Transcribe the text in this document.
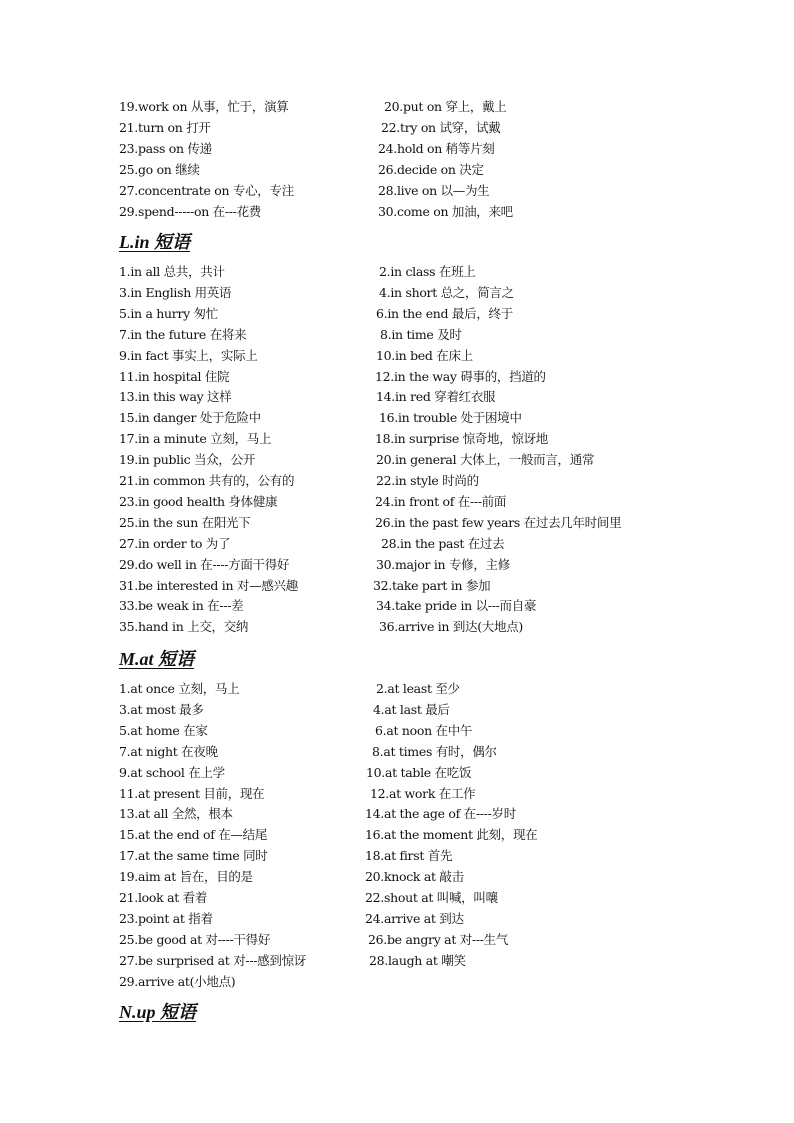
19.work on 从事，忙于，演算	20.put on 穿上，戴上
21.turn on 打开	22.try on 试穿，试戴
23.pass on 传递	24.hold on 稍等片刻
25.go on 继续	26.decide on 决定
27.concentrate on 专心，专注	28.live on 以—为生
29.spend-----on 在---花费	30.come on 加油，来吧
L.in 短语
1.in all 总共，共计	2.in class 在班上
3.in English 用英语	4.in short 总之，简言之
5.in a hurry 匆忙	6.in the end 最后，终于
7.in the future 在将来	8.in time 及时
9.in fact 事实上，实际上	10.in bed 在床上
11.in hospital 住院	12.in the way 碍事的，挡道的
13.in this way 这样	14.in red 穿着红衣服
15.in danger 处于危险中	16.in trouble 处于困境中
17.in a minute 立刻，马上	18.in surprise 惊奇地，惊讶地
19.in public 当众，公开	20.in general 大体上，一般而言，通常
21.in common 共有的，公有的	22.in style 时尚的
23.in good health 身体健康	24.in front of 在---前面
25.in the sun 在阳光下	26.in the past few years 在过去几年时间里
27.in order to 为了	28.in the past 在过去
29.do well in 在----方面干得好	30.major in 专修，主修
31.be interested in 对—感兴趣	32.take part in 参加
33.be weak in 在---差	34.take pride in 以---而自豪
35.hand in 上交，交纳	36.arrive in 到达(大地点)
M.at 短语
1.at once 立刻，马上	2.at least 至少
3.at most 最多	4.at last 最后
5.at home 在家	6.at noon 在中午
7.at night 在夜晚	8.at times 有时，偶尔
9.at school 在上学	10.at table 在吃饭
11.at present 目前，现在	12.at work 在工作
13.at all 全然，根本	14.at the age of 在----岁时
15.at the end of 在—结尾	16.at the moment 此刻，现在
17.at the same time 同时	18.at first 首先
19.aim at 旨在，目的是	20.knock at 敲击
21.look at 看着	22.shout at 叫喊，叫嚷
23.point at 指着	24.arrive at 到达
25.be good at 对----干得好	26.be angry at 对---生气
27.be surprised at 对---感到惊讶	28.laugh at 嘲笑
29.arrive at(小地点)
N.up 短语
